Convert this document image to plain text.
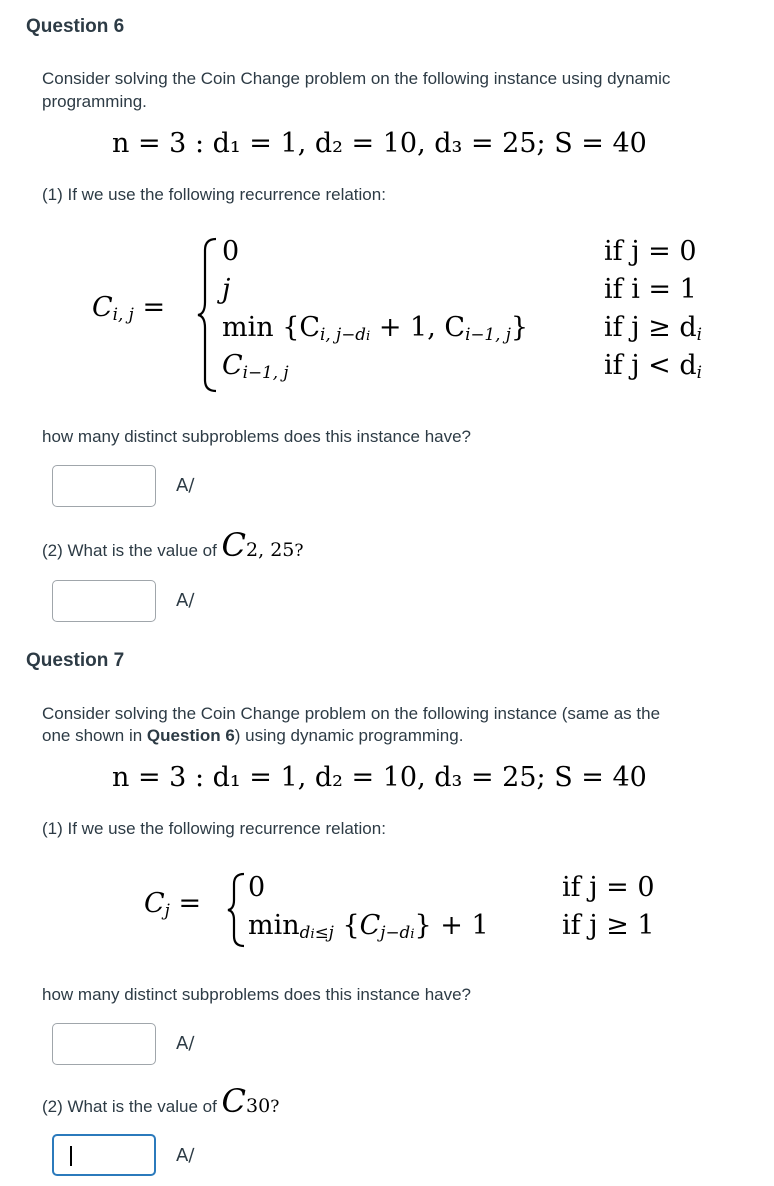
Question 6
Consider solving the Coin Change problem on the following instance using dynamic
programming.
n = 3 : d₁ = 1, d₂ = 10, d₃ = 25; S = 40
(1) If we use the following recurrence relation:
$C_{i, j}$ =
0
j
$\min \{C_{i, j-di} + 1$, $C_{i-1, j}$}
$C_{i-1, j}$
if j = 0
if i = 1
if $j \ge d_i$
if $j < d_i$
how many distinct subproblems does this instance have?
A∕
(2) What is the value of C2, 25?
A∕
Question 7
Consider solving the Coin Change problem on the following instance (same as the
one shown in Question 6) using dynamic programming.
n = 3 : d₁ = 1, d₂ = 10, d₃ = 25; S = 40
(1) If we use the following recurrence relation:
$C_j$ =
0
$\min_{di\le j} \{C_{j-di}\} + 1$
if j = 0
if j ≥ 1
how many distinct subproblems does this instance have?
A∕
(2) What is the value of C30?
A∕
